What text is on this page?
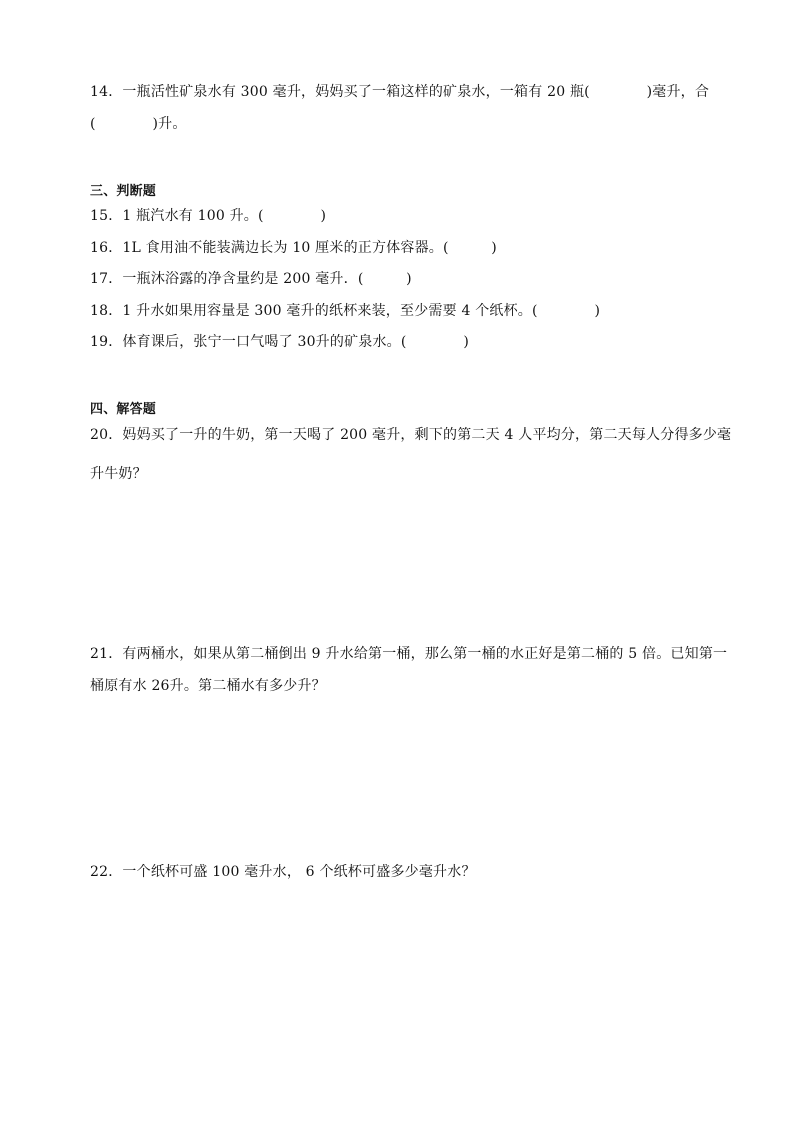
14．一瓶活性矿泉水有 300 毫升，妈妈买了一箱这样的矿泉水，一箱有 20 瓶(　　　　)毫升，合
(　　　　)升。
三、判断题
15．1 瓶汽水有 100 升。(　　　　)
16．1L 食用油不能装满边长为 10 厘米的正方体容器。(　　　)
17．一瓶沐浴露的净含量约是 200 毫升．(　　　)
18．1 升水如果用容量是 300 毫升的纸杯来装，至少需要 4 个纸杯。(　　　　)
19．体育课后，张宁一口气喝了 30升的矿泉水。(　　　　)
四、解答题
20．妈妈买了一升的牛奶，第一天喝了 200 毫升，剩下的第二天 4 人平均分，第二天每人分得多少毫
升牛奶？
21．有两桶水，如果从第二桶倒出 9 升水给第一桶，那么第一桶的水正好是第二桶的 5 倍。已知第一
桶原有水 26升。第二桶水有多少升？
22．一个纸杯可盛 100 毫升水， 6 个纸杯可盛多少毫升水？
